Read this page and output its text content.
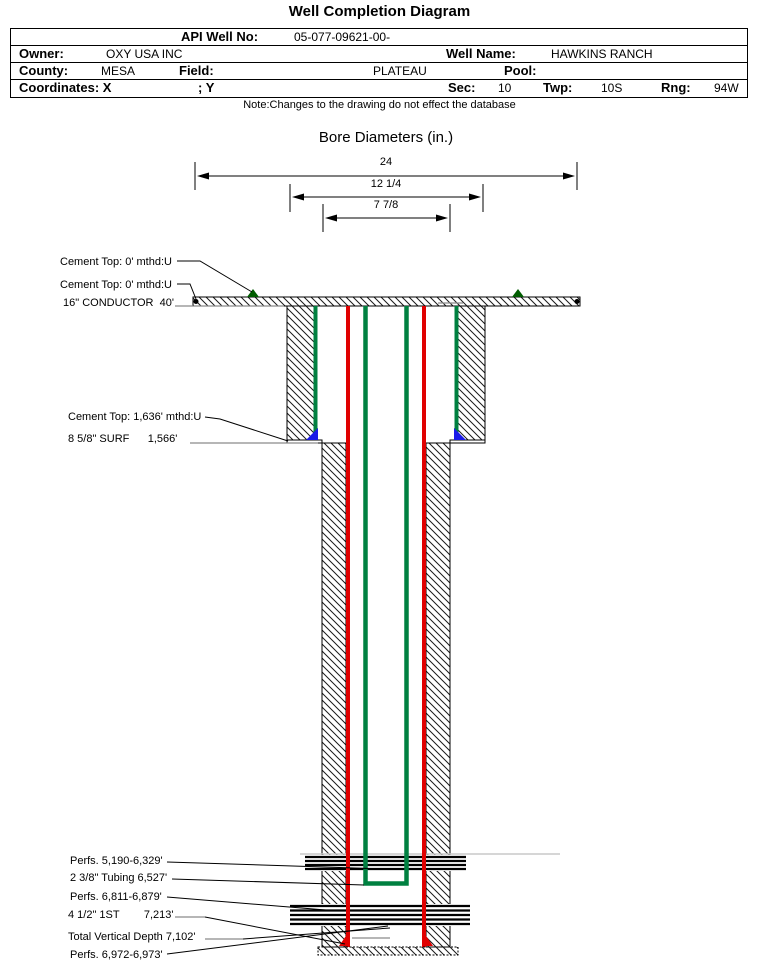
Well Completion Diagram
API Well No:	05-077-09621-00-
Owner:	OXY USA INC	Well Name:	HAWKINS RANCH
County:	MESA	Field:	PLATEAU	Pool:
Coordinates: X	; Y	Sec: 10 Twp: 10S	Rng: 94W
Note:Changes to the drawing do not effect the database
Bore Diameters (in.)
24
12 1/4
7 7/8
Cement Top: 0' mthd:U
Cement Top: 0' mthd:U
16" CONDUCTOR  40'
Cement Top: 1,636' mthd:U
8 5/8" SURF      1,566'
Perfs. 5,190-6,329'
2 3/8" Tubing 6,527'
Perfs. 6,811-6,879'
4 1/2" 1ST        7,213'
Total Vertical Depth 7,102'
Perfs. 6,972-6,973'
